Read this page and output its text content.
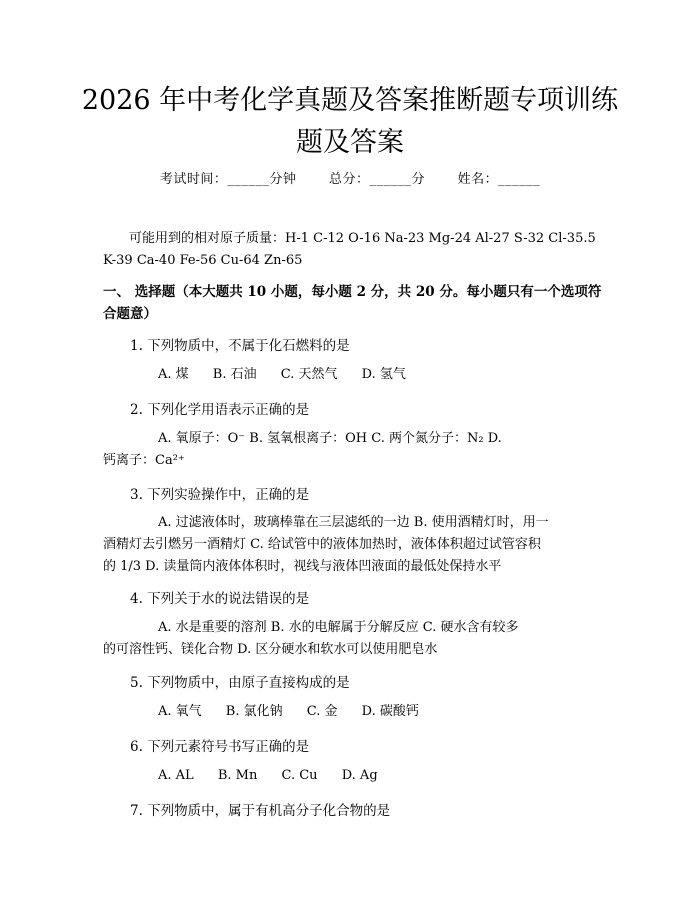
2026 年中考化学真题及答案推断题专项训练
题及答案
考试时间：______分钟	总分：______分	姓名：______
可能用到的相对原子质量：H-1 C-12 O-16 Na-23 Mg-24 Al-27 S-32 Cl-35.5
K-39 Ca-40 Fe-56 Cu-64 Zn-65
一、 选择题（本大题共 10 小题，每小题 2 分，共 20 分。每小题只有一个选项符
合题意）
1. 下列物质中，不属于化石燃料的是
A. 煤 B. 石油 C. 天然气 D. 氢气
2. 下列化学用语表示正确的是
A. 氧原子：O⁻ B. 氢氧根离子：OH C. 两个氮分子：N₂ D.
钙离子：Ca²⁺
3. 下列实验操作中，正确的是
A. 过滤液体时，玻璃棒靠在三层滤纸的一边 B. 使用酒精灯时，用一
酒精灯去引燃另一酒精灯 C. 给试管中的液体加热时，液体体积超过试管容积
的 1/3 D. 读量筒内液体体积时，视线与液体凹液面的最低处保持水平
4. 下列关于水的说法错误的是
A. 水是重要的溶剂 B. 水的电解属于分解反应 C. 硬水含有较多
的可溶性钙、镁化合物 D. 区分硬水和软水可以使用肥皂水
5. 下列物质中，由原子直接构成的是
A. 氧气 B. 氯化钠 C. 金 D. 碳酸钙
6. 下列元素符号书写正确的是
A. AL B. Mn C. Cu D. Ag
7. 下列物质中，属于有机高分子化合物的是
